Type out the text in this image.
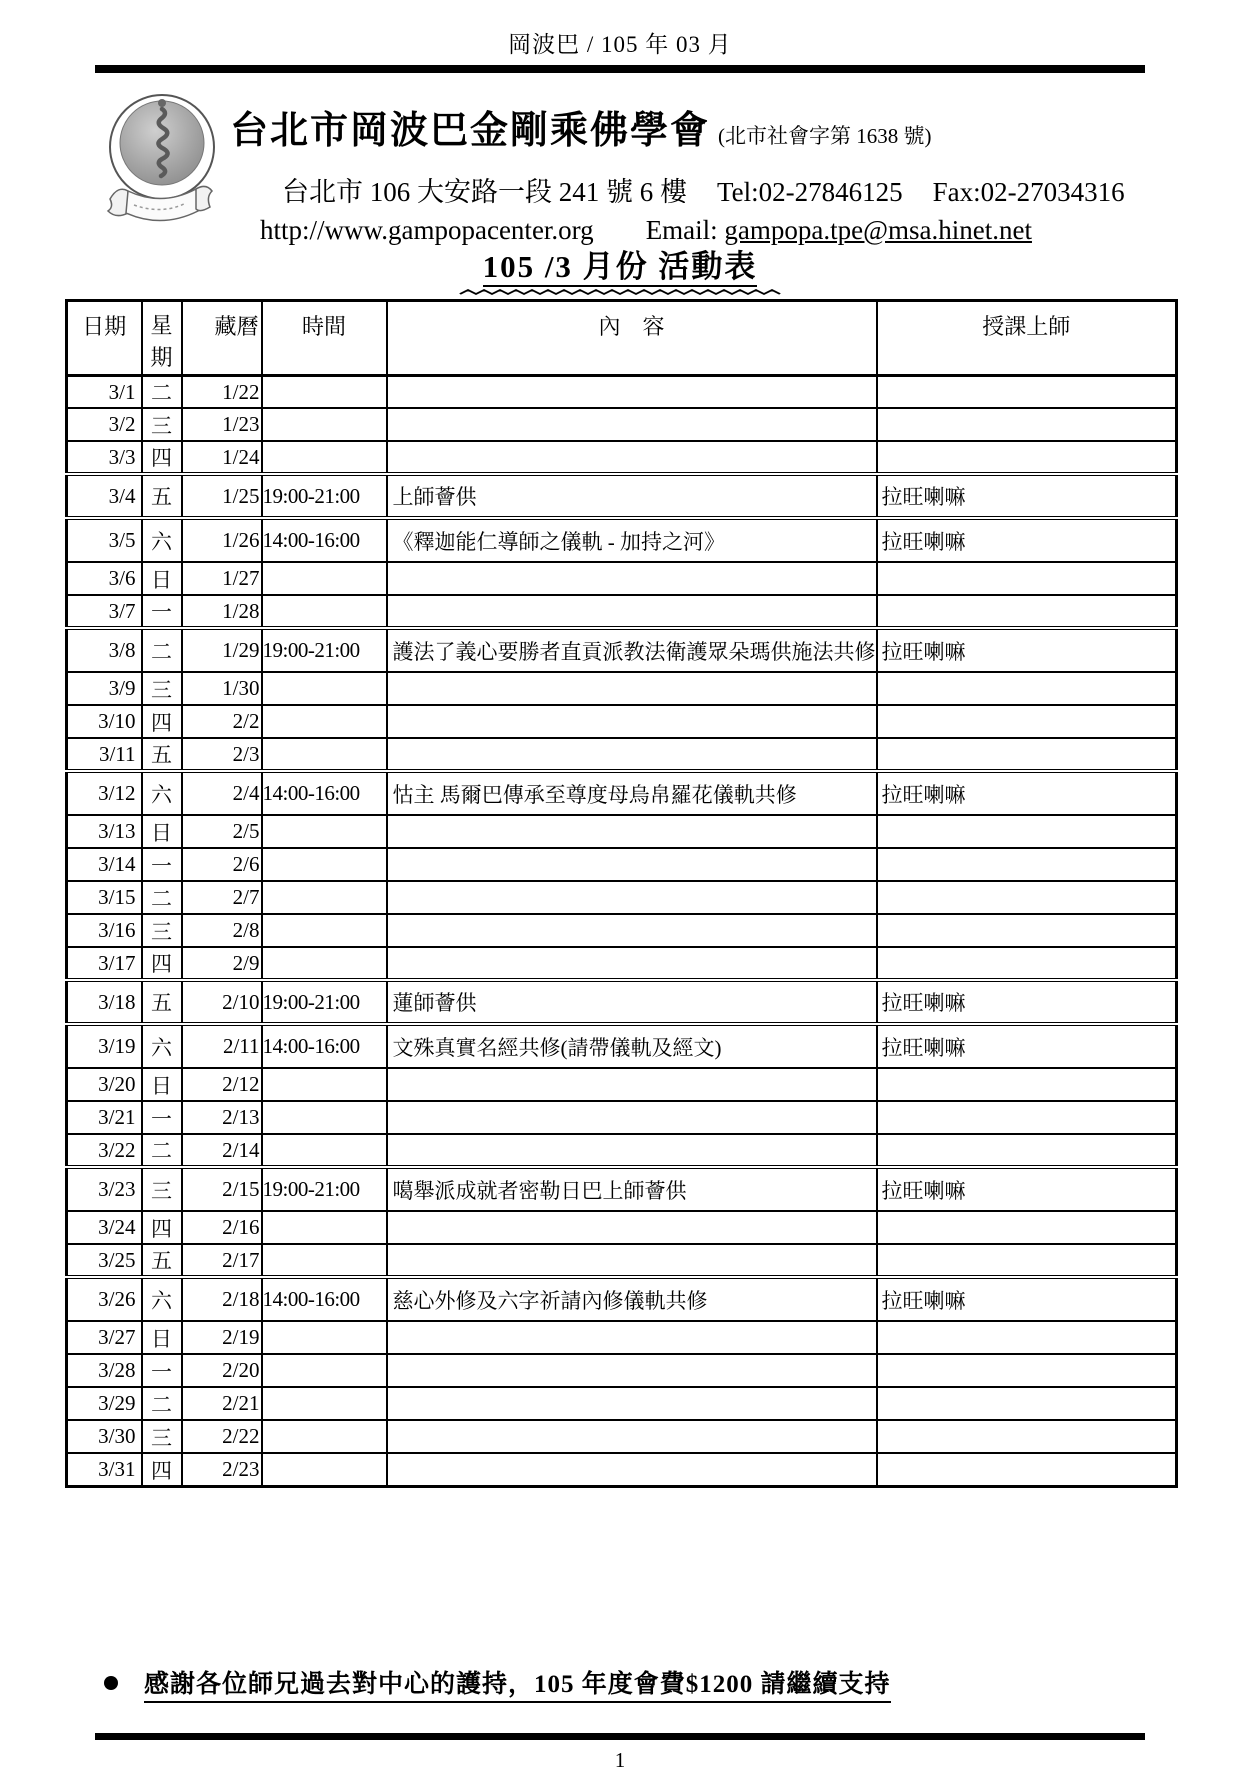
岡波巴 / 105 年 03 月
台北市岡波巴金剛乘佛學會 (北市社會字第 1638 號)
台北市 106 大安路一段 241 號 6 樓 Tel:02-27846125 Fax:02-27034316
http://www.gampopacenter.org Email: gampopa.tpe@msa.hinet.net
105 /3 月份 活動表
日期	星期	藏曆	時間	內　容	授課上師
3/1	二	1/22			
3/2	三	1/23			
3/3	四	1/24			
3/4	五	1/25	19:00-21:00	上師薈供	拉旺喇嘛
3/5	六	1/26	14:00-16:00	《釋迦能仁導師之儀軌 - 加持之河》	拉旺喇嘛
3/6	日	1/27			
3/7	一	1/28			
3/8	二	1/29	19:00-21:00	護法了義心要勝者直貢派教法衛護眾朵瑪供施法共修	拉旺喇嘛
3/9	三	1/30			
3/10	四	2/2			
3/11	五	2/3			
3/12	六	2/4	14:00-16:00	怙主 馬爾巴傳承至尊度母烏帛羅花儀軌共修	拉旺喇嘛
3/13	日	2/5			
3/14	一	2/6			
3/15	二	2/7			
3/16	三	2/8			
3/17	四	2/9			
3/18	五	2/10	19:00-21:00	蓮師薈供	拉旺喇嘛
3/19	六	2/11	14:00-16:00	文殊真實名經共修(請帶儀軌及經文)	拉旺喇嘛
3/20	日	2/12			
3/21	一	2/13			
3/22	二	2/14			
3/23	三	2/15	19:00-21:00	噶舉派成就者密勒日巴上師薈供	拉旺喇嘛
3/24	四	2/16			
3/25	五	2/17			
3/26	六	2/18	14:00-16:00	慈心外修及六字祈請內修儀軌共修	拉旺喇嘛
3/27	日	2/19			
3/28	一	2/20			
3/29	二	2/21			
3/30	三	2/22			
3/31	四	2/23			
感謝各位師兄過去對中心的護持，105 年度會費$1200 請繼續支持
1
